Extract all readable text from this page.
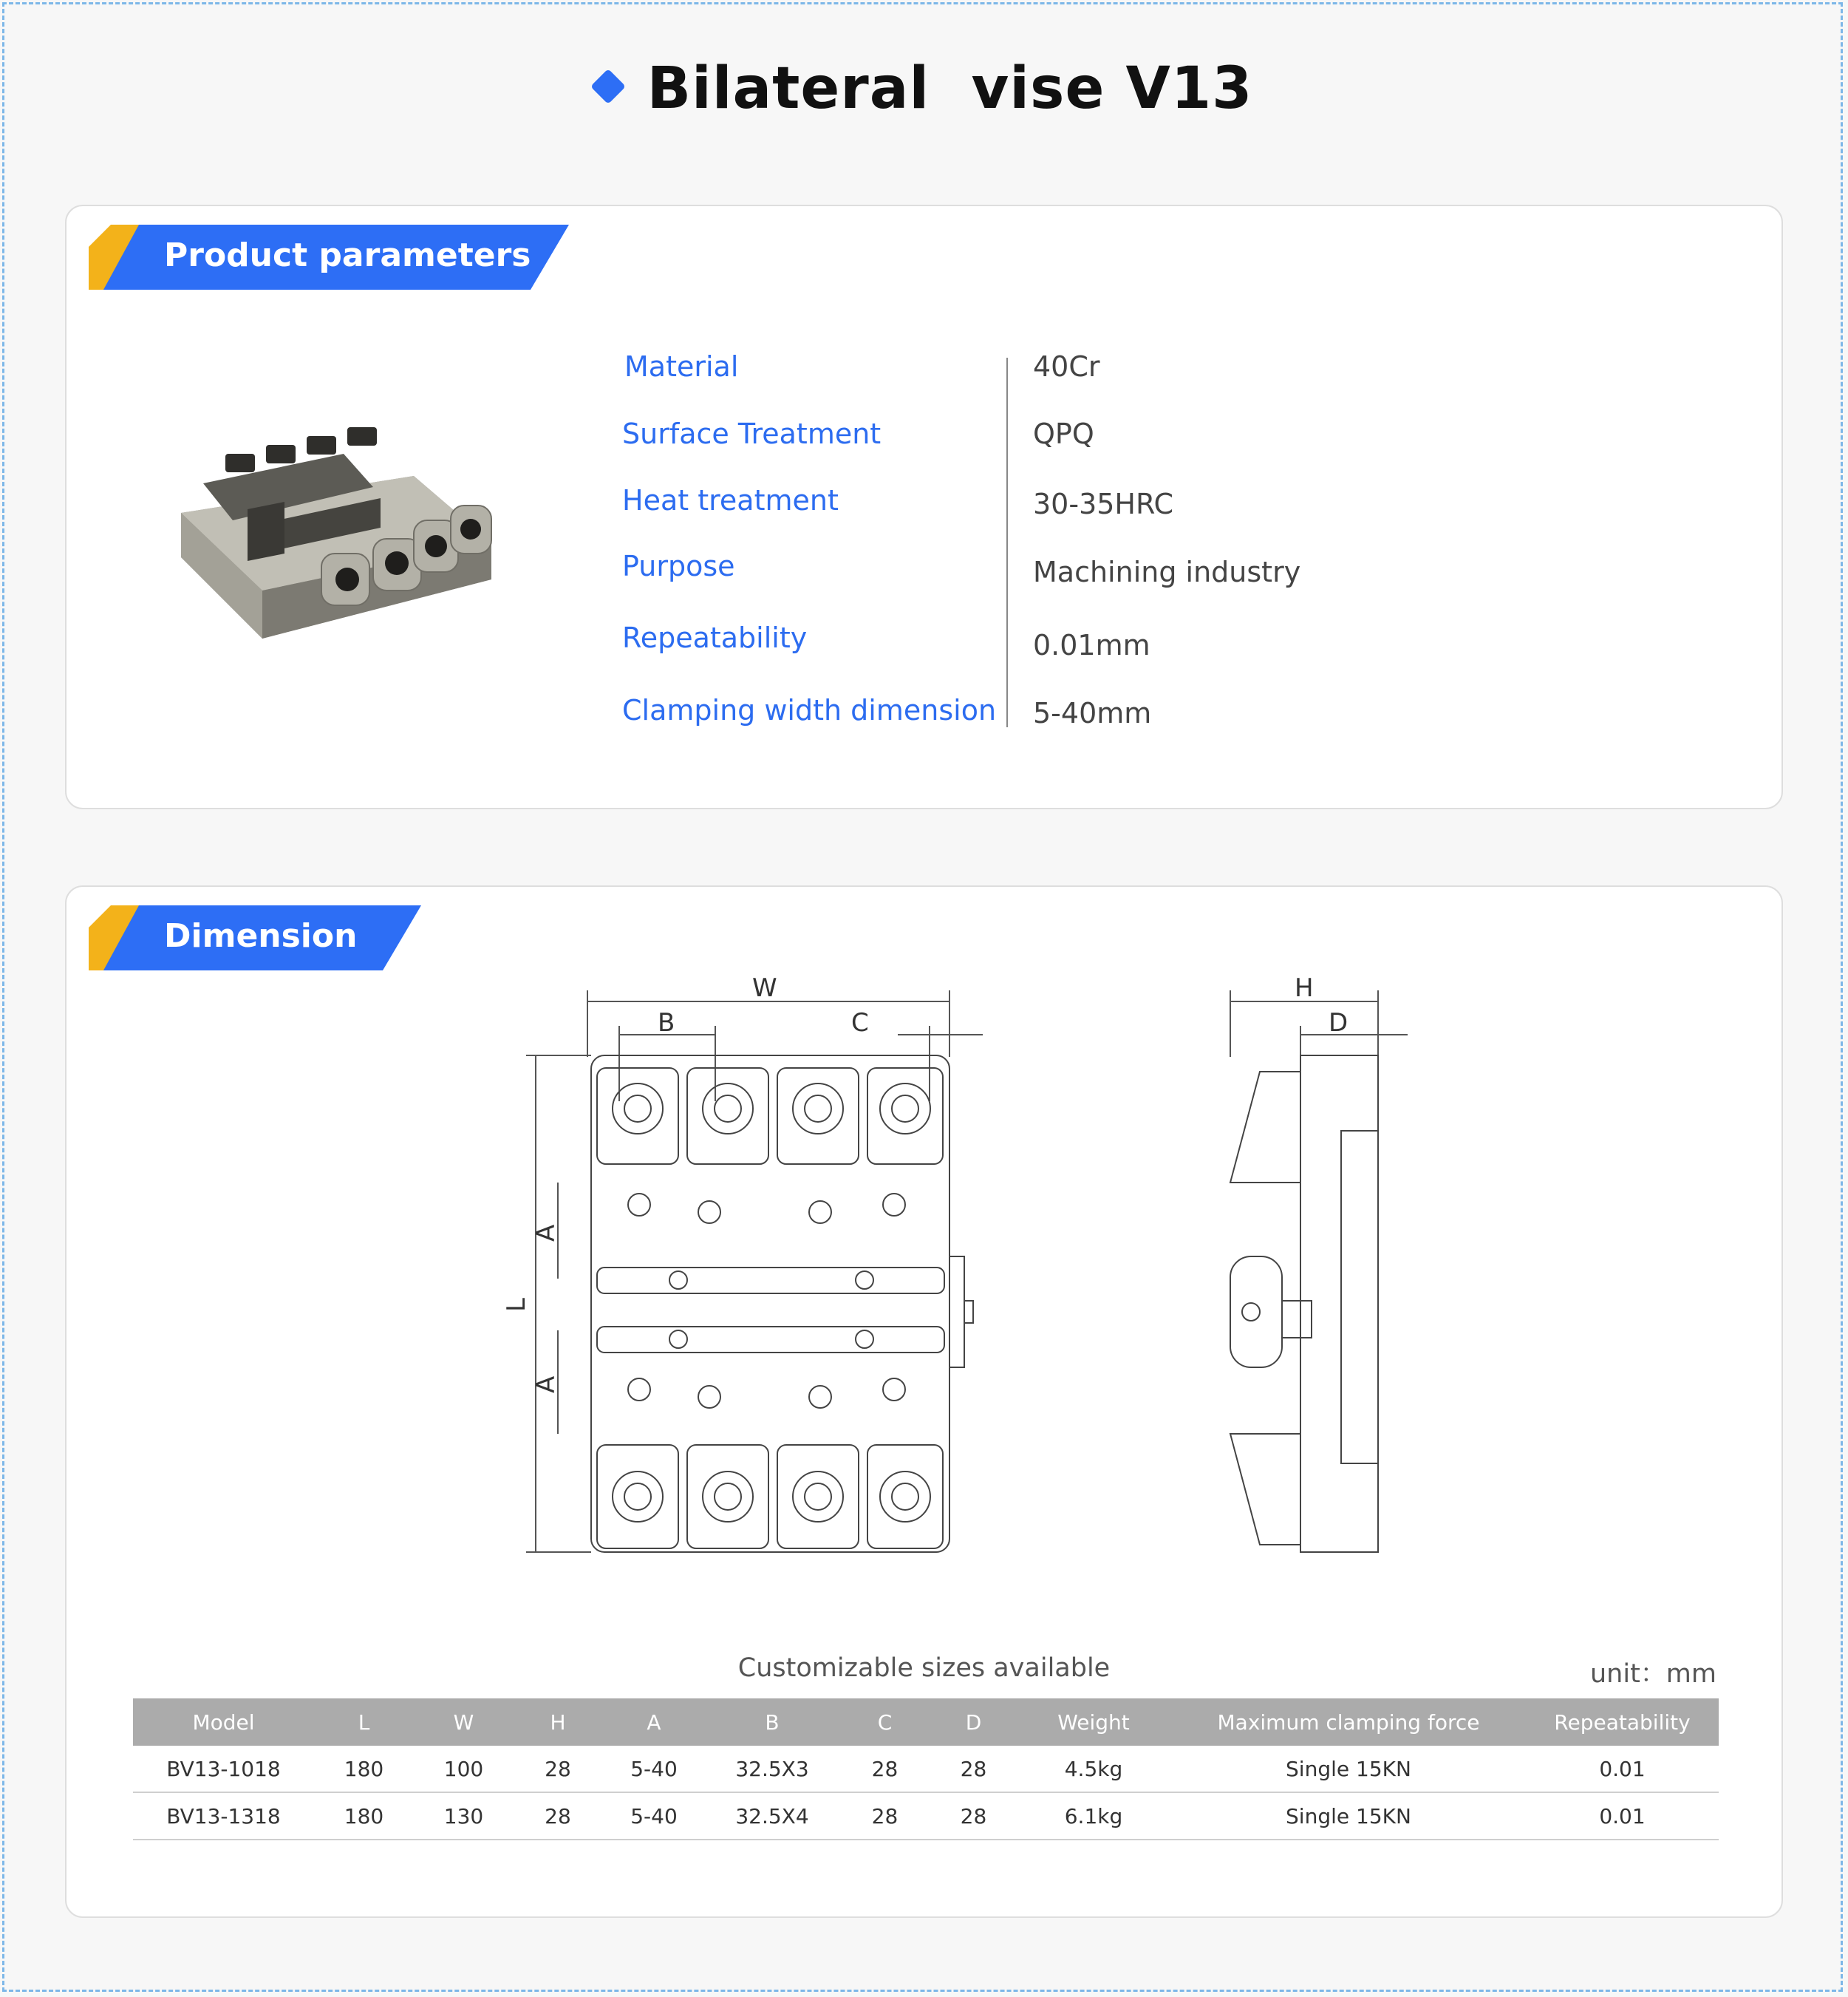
Bilateral  vise V13
Product parameters
Material	40Cr
Surface Treatment	QPQ
Heat treatment	30-35HRC
Purpose	Machining industry
Repeatability	0.01mm
Clamping width dimension 5-40mm
Dimension
W
B	C
L
A
A
H
D
Customizable sizes available	unit：mm
Model	L	W	H	A	B	C	D	Weight	Maximum clamping force	Repeatability
BV13-1018	180	100	28	5-40	32.5X3	28	28	4.5kg	Single 15KN	0.01
BV13-1318	180	130	28	5-40	32.5X4	28	28	6.1kg	Single 15KN	0.01
